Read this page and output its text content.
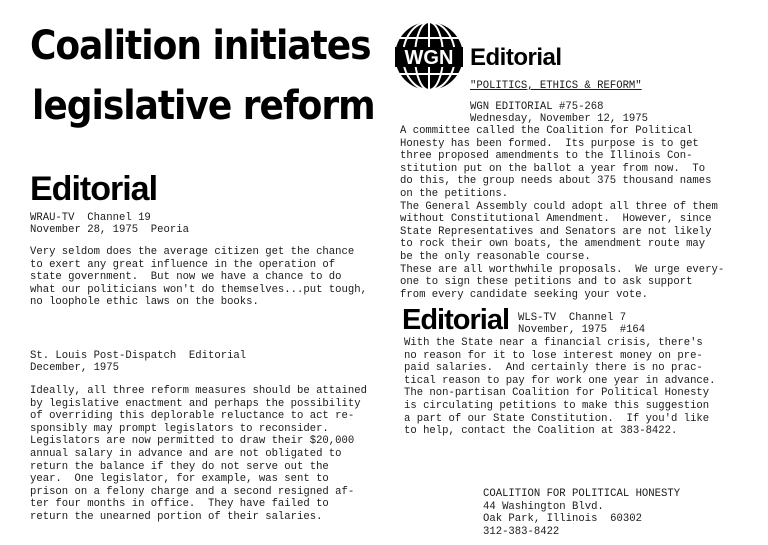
Coalition initiates
legislative reform
WGN Editorial
"POLITICS, ETHICS & REFORM"
WGN EDITORIAL #75-268
Wednesday, November 12, 1975
A committee called the Coalition for Political
Honesty has been formed.  Its purpose is to get
three proposed amendments to the Illinois Con-
stitution put on the ballot a year from now.  To
do this, the group needs about 375 thousand names
on the petitions.
The General Assembly could adopt all three of them
without Constitutional Amendment.  However, since
State Representatives and Senators are not likely
to rock their own boats, the amendment route may
be the only reasonable course.
These are all worthwhile proposals.  We urge every-
one to sign these petitions and to ask support
from every candidate seeking your vote.
Editorial
WRAU-TV  Channel 19
November 28, 1975  Peoria
Very seldom does the average citizen get the chance
to exert any great influence in the operation of
state government.  But now we have a chance to do
what our politicians won't do themselves...put tough,
no loophole ethic laws on the books.
St. Louis Post-Dispatch  Editorial
December, 1975
Ideally, all three reform measures should be attained
by legislative enactment and perhaps the possibility
of overriding this deplorable reluctance to act re-
sponsibly may prompt legislators to reconsider.
Legislators are now permitted to draw their $20,000
annual salary in advance and are not obligated to
return the balance if they do not serve out the
year.  One legislator, for example, was sent to
prison on a felony charge and a second resigned af-
ter four months in office.  They have failed to
return the unearned portion of their salaries.
Editorial WLS-TV  Channel 7
November, 1975  #164
With the State near a financial crisis, there's
no reason for it to lose interest money on pre-
paid salaries.  And certainly there is no prac-
tical reason to pay for work one year in advance.
The non-partisan Coalition for Political Honesty
is circulating petitions to make this suggestion
a part of our State Constitution.  If you'd like
to help, contact the Coalition at 383-8422.
COALITION FOR POLITICAL HONESTY
44 Washington Blvd.
Oak Park, Illinois  60302
312-383-8422
